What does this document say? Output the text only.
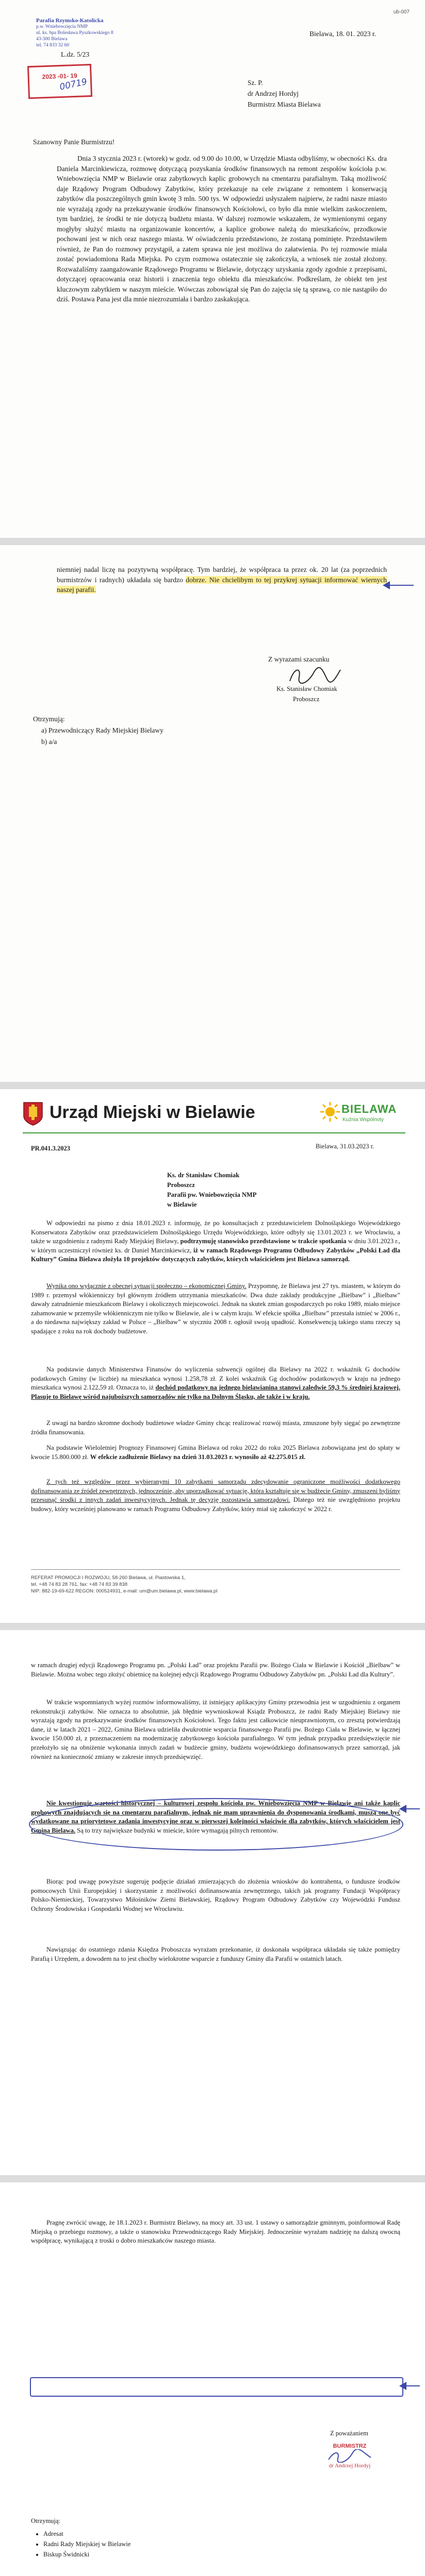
ub-007
Parafia Rzymsko-Katolicka
p.w. Wniebowzięcia NMP
ul. ks. bpa Bolesława Pyszkowskiego 8
43-300 Bielawa
tel. 74 833 32 60
Bielawa, 18. 01. 2023 r.
L.dz. 5/23
2023 -01- 19
00719	Sz. P.
dr Andrzej Hordyj
Burmistrz Miasta Bielawa
Szanowny Panie Burmistrzu!

Dnia 3 stycznia 2023 r. (wtorek) w godz. od 9.00 do 10.00, w Urzędzie Miasta odbyliśmy, w obecności Ks. dra Daniela Marcinkiewicza, rozmowę dotyczącą pozyskania środków finansowych na remont zespołów kościoła p.w. Wniebowzięcia NMP w Bielawie oraz zabytkowych kaplic grobowych na cmentarzu parafialnym. Taką możliwość daje Rządowy Program Odbudowy Zabytków, który przekazuje na cele związane z remontem i konserwacją zabytków dla poszczególnych gmin kwotę 3 mln. 500 tys. W odpowiedzi usłyszałem najpierw, że radni nasze miasto nie wyrażają zgody na przekazywanie środków finansowych Kościołowi, co było dla mnie wielkim zaskoczeniem, tym bardziej, że środki te nie dotyczą budżetu miasta. W dalszej rozmowie wskazałem, że wymienionymi organy mogłyby służyć miastu na organizowanie koncertów, a kaplice grobowe należą do mieszkańców, przodkowie pochowani jest w nich oraz naszego miasta. W oświadczeniu przedstawiono, że zostaną pominięte. Przedstawiłem również, że Pan do rozmowy przystąpił, a zatem sprawa nie jest możliwa do załatwienia. Po tej rozmowie miała zostać powiadomiona Rada Miejska. Po czym rozmowa ostatecznie się zakończyła, a wniosek nie został złożony. Rozważaliśmy zaangażowanie Rządowego Programu w Bielawie, dotyczący uzyskania zgody zgodnie z przepisami, dotyczącej opracowania oraz historii i znaczenia tego obiektu dla mieszkańców. Podkreślam, że obiekt ten jest kluczowym zabytkiem w naszym mieście. Wówczas zobowiązał się Pan do zajęcia się tą sprawą, co nie nastąpiło do dziś. Postawa Pana jest dla mnie niezrozumiała i bardzo zaskakująca.

niemniej nadal liczę na pozytywną współpracę. Tym bardziej, że współpraca ta przez ok. 20 lat (za poprzednich burmistrzów i radnych) układała się bardzo dobrze. Nie chcielibym to tej przykrej sytuacji informować wiernych naszej parafii.

Z wyrazami szacunku
Ks. Stanisław Chomiak
Proboszcz
Otrzymują:
a) Przewodniczący Rady Miejskiej Bielawy
b) a/a
Urząd Miejski w Bielawie	BIELAWA
Kuźnia Wspólnoty
PR.041.3.2023	Bielawa, 31.03.2023 r.
Ks. dr Stanisław Chomiak
Proboszcz
Parafii pw. Wniebowzięcia NMP
w Bielawie

W odpowiedzi na pismo z dnia 18.01.2023 r. informuję, że po konsultacjach z przedstawicielem Dolnośląskiego Wojewódzkiego Konserwatora Zabytków oraz przedstawicielem Dolnośląskiego Urzędu Wojewódzkiego, które odbyły się 13.01.2023 r. we Wrocławiu, a także w uzgodnieniu z radnymi Rady Miejskiej Bielawy, podtrzymuję stanowisko przedstawione w trakcie spotkania w dniu 3.01.2023 r., w którym uczestniczył również ks. dr Daniel Marcinkiewicz, iż w ramach Rządowego Programu Odbudowy Zabytków „Polski Ład dla Kultury” Gmina Bielawa złożyła 10 projektów dotyczących zabytków, których właścicielem jest Bielawa samorząd.

Wynika ono wyłącznie z obecnej sytuacji społeczno – ekonomicznej Gminy. Przypomnę, że Bielawa jest 27 tys. miastem, w którym do 1989 r. przemysł włókienniczy był głównym źródłem utrzymania mieszkańców. Dwa duże zakłady produkcyjne „Bielbaw” i „Bielbaw” dawały zatrudnienie mieszkańcom Bielawy i okolicznych miejscowości. Jednak na skutek zmian gospodarczych po roku 1989, miało miejsce zahamowanie w przemyśle włókienniczym nie tylko w Bielawie, ale i w całym kraju. W efekcie spółka „Bielbaw” przestała istnieć w 2006 r., a do niedawna największy zakład w Polsce – „Bielbaw” w styczniu 2008 r. ogłosił swoją upadłość. Konsekwencją takiego stanu rzeczy są spadające z roku na rok dochody budżetowe.

Na podstawie danych Ministerstwa Finansów do wyliczenia subwencji ogólnej dla Bielawy na 2022 r. wskaźnik G dochodów podatkowych Gminy (w liczbie) na mieszkańca wynosi 1.258,78 zł. Z kolei wskaźnik Gg dochodów podatkowych w kraju na jednego mieszkańca wynosi 2.122,59 zł. Oznacza to, iż dochód podatkowy na jednego bielawianina stanowi zaledwie 59,3 % średniej krajowej. Plasuje to Bielawę wśród najuboższych samorządów nie tylko na Dolnym Śląsku, ale także i w kraju.

Z uwagi na bardzo skromne dochody budżetowe władze Gminy chcąc realizować rozwój miasta, zmuszone były sięgać po zewnętrzne źródła finansowania.

Na podstawie Wieloletniej Prognozy Finansowej Gmina Bielawa od roku 2022 do roku 2025 Bielawa zobowiązana jest do spłaty w kwocie 15.800.000 zł. W efekcie zadłużenie Bielawy na dzień 31.03.2023 r. wynosiło aż 42.275.015 zł.

Z tych też względów przez wybieranymi 10 zabytkami samorządu zdecydowanie ograniczone możliwości dodatkowego dofinansowania ze źródeł zewnętrznych, jednocześnie, aby uporządkować sytuację, która kształtuje się w budżecie Gminy, zmuszeni byliśmy przesunąć środki z innych zadań inwestycyjnych. Jednak tę decyzję pozostawia samorządowi. Dlatego też nie uwzględniono projektu budowy, który wcześniej planowano w ramach Programu Odbudowy Zabytków, który miał się zakończyć w 2022 r.

REFERAT PROMOCJI I ROZWOJU, 58-260 Bielawa, ul. Piastowska 1,
tel. +48 74 83 28 761, fax: +48 74 83 39 838
NIP: 882-19-69-622 REGON: 000524931, e-mail: um@um.bielawa.pl, www.bielawa.pl

w ramach drugiej edycji Rządowego Programu pn. „Polski Ład” oraz projektu Parafii pw. Bożego Ciała w Bielawie i Kościół „Bielbaw” w Bielawie. Można wobec tego złożyć obietnicę na kolejnej edycji Rządowego Programu Odbudowy Zabytków pn. „Polski Ład dla Kultury”.

W trakcie wspomnianych wyżej rozmów informowaliśmy, iż istniejący aplikacyjny Gminy przewodnia jest w uzgodnieniu z organem rekonstrukcji zabytków. Nie oznacza to absolutnie, jak błędnie wywnioskował Ksiądz Proboszcz, że radni Rady Miejskiej Bielawy nie wyrażają zgody na przekazywanie środków finansowych Kościołowi. Tego faktu jest całkowicie nieuprawnionym, co zresztą potwierdzają dane, iż w latach 2021 – 2022, Gmina Bielawa udzieliła dwukrotnie wsparcia finansowego Parafii pw. Bożego Ciała w Bielawie, w łącznej kwocie 150.000 zł, z przeznaczeniem na modernizację zabytkowego kościoła parafialnego. W tym jednak przypadku przedsięwzięcie nie przełożyło się na obniżenie wykonania innych zadań w budżecie gminy, budżetu wojewódzkiego dofinansowanych przez samorząd, jak również na konieczność zmiany w zakresie innych przedsięwzięć.

Nie kwestionuję wartości historycznej – kulturowej zespołu kościoła pw. Wniebowzięcia NMP w Bielawie ani także kaplic grobowych znajdujących się na cmentarzu parafialnym, jednak nie mam uprawnienia do dysponowania środkami, muszą one być wydatkowane na priorytetowe zadania inwestycyjne oraz w pierwszej kolejności właściwie dla zabytków, których właścicielem jest Gmina Bielawa. Są to trzy największe budynki w mieście, które wymagają pilnych remontów.

Biorąc pod uwagę powyższe sugeruję podjęcie działań zmierzających do złożenia wniosków do kontrahenta, o fundusze środków pomocowych Unii Europejskiej i skorzystanie z możliwości dofinansowania zewnętrznego, takich jak programy Fundacji Współpracy Polsko-Niemieckiej, Towarzystwo Miłośników Ziemi Bielawskiej, Rządowy Program Odbudowy Zabytków czy Wojewódzki Fundusz Ochrony Środowiska i Gospodarki Wodnej we Wrocławiu.

Nawiązując do ostatniego zdania Księdza Proboszcza wyrażam przekonanie, iż doskonała współpraca układała się także pomiędzy Parafią i Urzędem, a dowodem na to jest choćby wielokrotne wsparcie z funduszy Gminy dla Parafii w ostatnich latach.

Pragnę zwrócić uwagę, że 18.1.2023 r. Burmistrz Bielawy, na mocy art. 33 ust. 1 ustawy o samorządzie gminnym, poinformował Radę Miejską o przebiegu rozmowy, a także o stanowisku Przewodniczącego Rady Miejskiej. Jednocześnie wyrażam nadzieję na dalszą owocną współpracę, wynikającą z troski o dobro mieszkańców naszego miasta.

Z poważaniem
BURMISTRZ
dr Andrzej Hordyj
Otrzymują:
• Adresat
• Radni Rady Miejskiej w Bielawie
• Biskup Świdnicki
